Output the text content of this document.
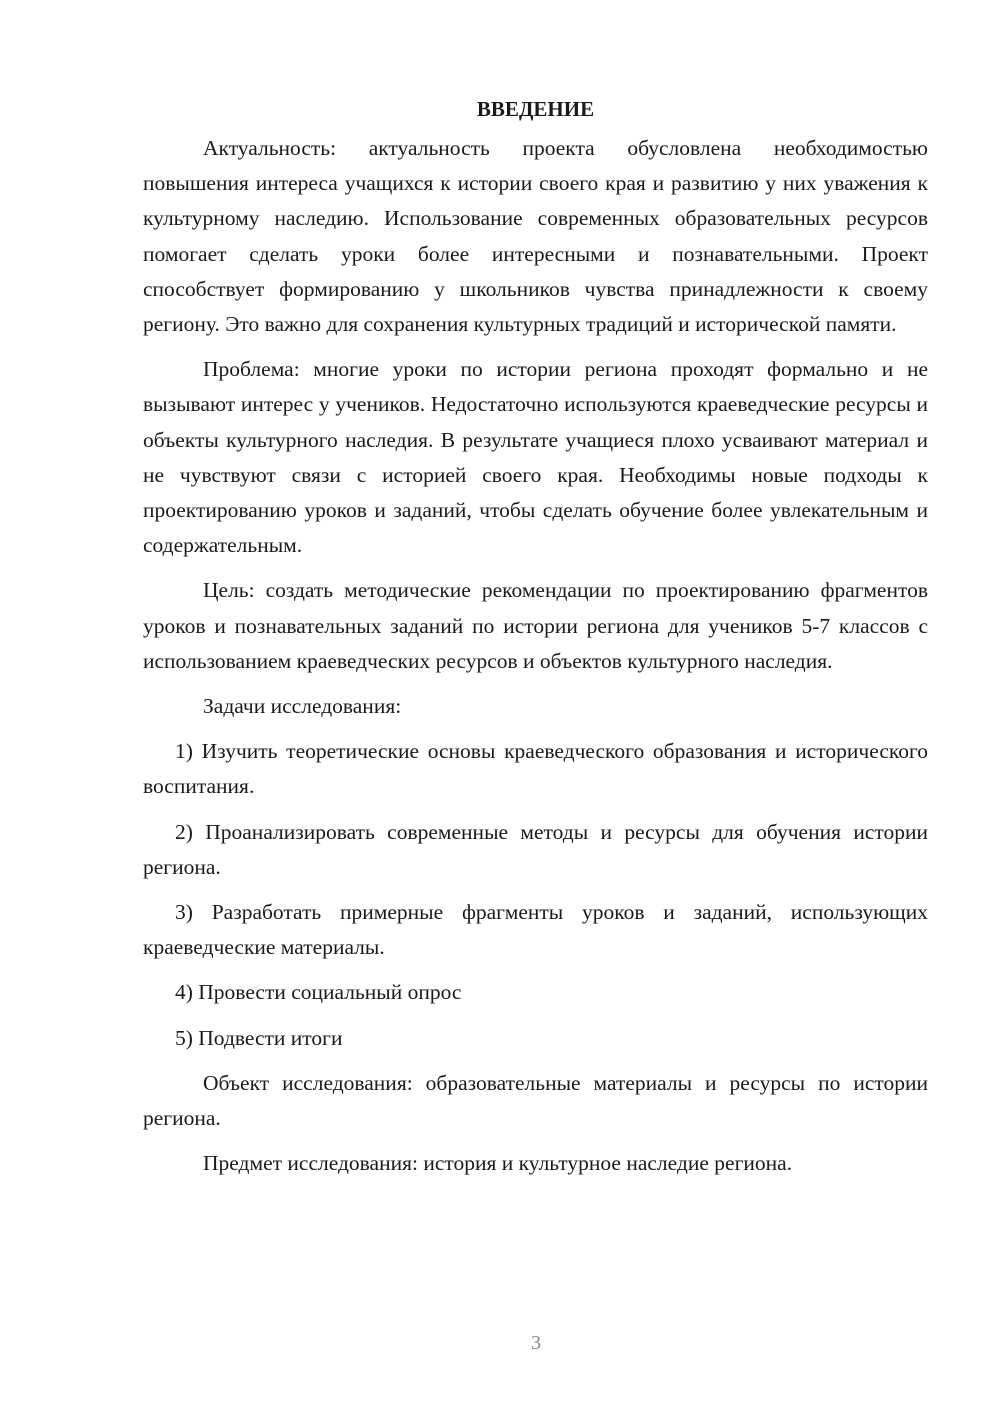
ВВЕДЕНИЕ

Актуальность: актуальность проекта обусловлена необходимостью повышения интереса учащихся к истории своего края и развитию у них уважения к культурному наследию. Использование современных образовательных ресурсов помогает сделать уроки более интересными и познавательными. Проект способствует формированию у школьников чувства принадлежности к своему региону. Это важно для сохранения культурных традиций и исторической памяти.

Проблема: многие уроки по истории региона проходят формально и не вызывают интерес у учеников. Недостаточно используются краеведческие ресурсы и объекты культурного наследия. В результате учащиеся плохо усваивают материал и не чувствуют связи с историей своего края. Необходимы новые подходы к проектированию уроков и заданий, чтобы сделать обучение более увлекательным и содержательным.

Цель: создать методические рекомендации по проектированию фрагментов уроков и познавательных заданий по истории региона для учеников 5-7 классов с использованием краеведческих ресурсов и объектов культурного наследия.

Задачи исследования:

1) Изучить теоретические основы краеведческого образования и исторического воспитания.

2) Проанализировать современные методы и ресурсы для обучения истории региона.

3) Разработать примерные фрагменты уроков и заданий, использующих краеведческие материалы.

4) Провести социальный опрос

5) Подвести итоги

Объект исследования: образовательные материалы и ресурсы по истории региона.

Предмет исследования: история и культурное наследие региона.

3
